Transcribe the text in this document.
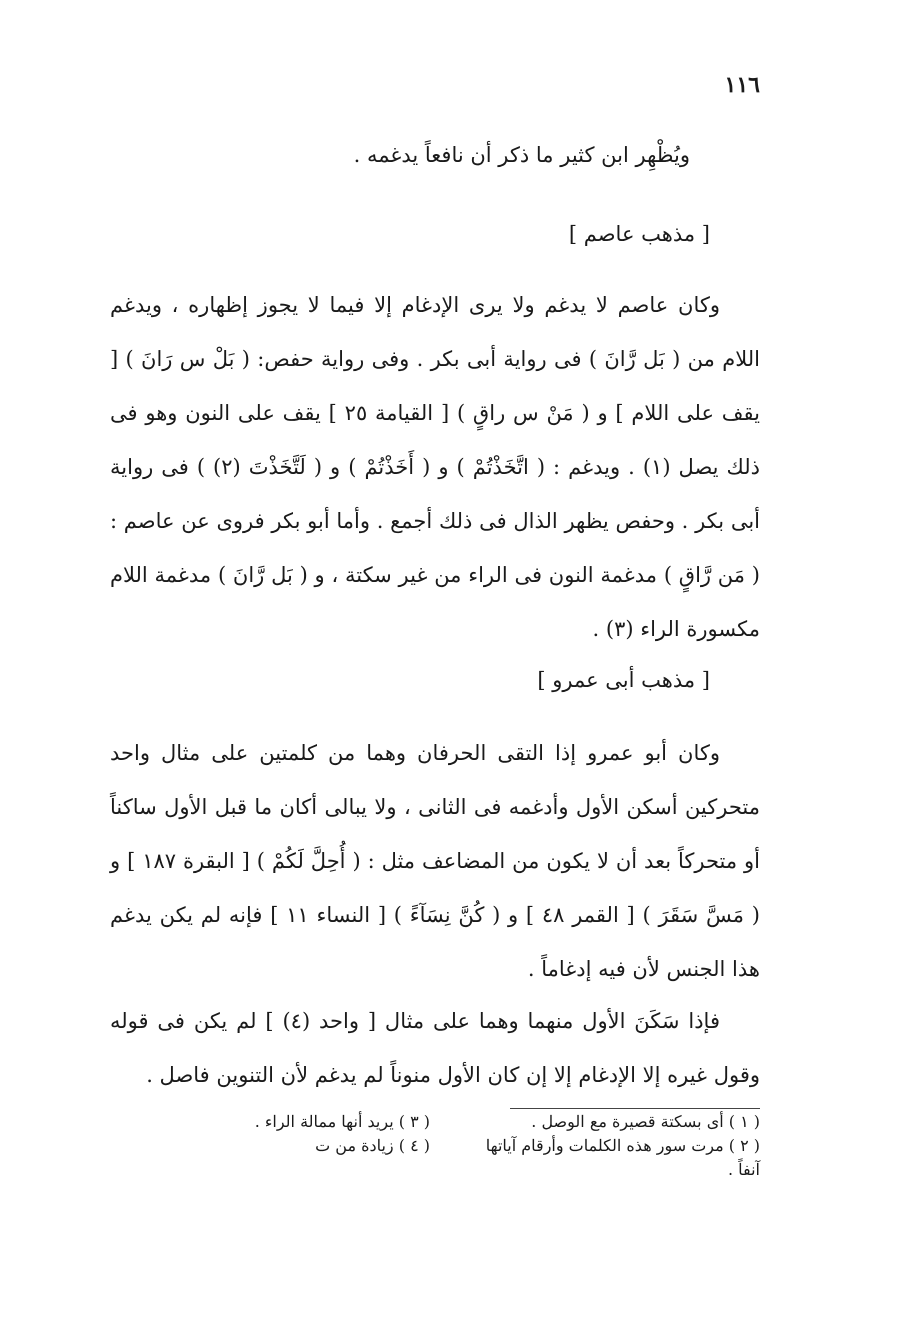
١١٦

ويُظْهِر ابن كثير ما ذكر أن نافعاً يدغمه .

[ مذهب عاصم ]

وكان عاصم لا يدغم ولا يرى الإدغام إلا فيما لا يجوز إظهاره ، ويدغم اللام من ( بَل رَّانَ ) فى رواية أبى بكر . وفى رواية حفص: ( بَلْ س رَانَ ) [ يقف على اللام ] و ( مَنْ س راقٍ ) [ القيامة ٢٥ ] يقف على النون وهو فى ذلك يصل (١) . ويدغم : ( اتَّخَذْتُمْ ) و ( أَخَذْتُمْ ) و ( لَتَّخَذْتَ (٢) ) فى رواية أبى بكر . وحفص يظهر الذال فى ذلك أجمع . وأما أبو بكر فروى عن عاصم : ( مَن رَّاقٍ ) مدغمة النون فى الراء من غير سكتة ، و ( بَل رَّانَ ) مدغمة اللام مكسورة الراء (٣) .

[ مذهب أبى عمرو ]

وكان أبو عمرو إذا التقى الحرفان وهما من كلمتين على مثال واحد متحركين أسكن الأول وأدغمه فى الثانى ، ولا يبالى أكان ما قبل الأول ساكناً أو متحركاً بعد أن لا يكون من المضاعف مثل : ( أُحِلَّ لَكُمْ ) [ البقرة ١٨٧ ] و ( مَسَّ سَقَرَ ) [ القمر ٤٨ ] و ( كُنَّ نِسَآءً ) [ النساء ١١ ] فإنه لم يكن يدغم هذا الجنس لأن فيه إدغاماً .

فإذا سَكَنَ الأول منهما وهما على مثال [ واحد (٤) ] لم يكن فى قوله وقول غيره إلا الإدغام إلا إن كان الأول منوناً لم يدغم لأن التنوين فاصل .

( ١ ) أى بسكتة قصيرة مع الوصل .
( ٢ ) مرت سور هذه الكلمات وأرقام آياتها آنفاً .
( ٣ ) يريد أنها ممالة الراء .
( ٤ ) زيادة من ت
